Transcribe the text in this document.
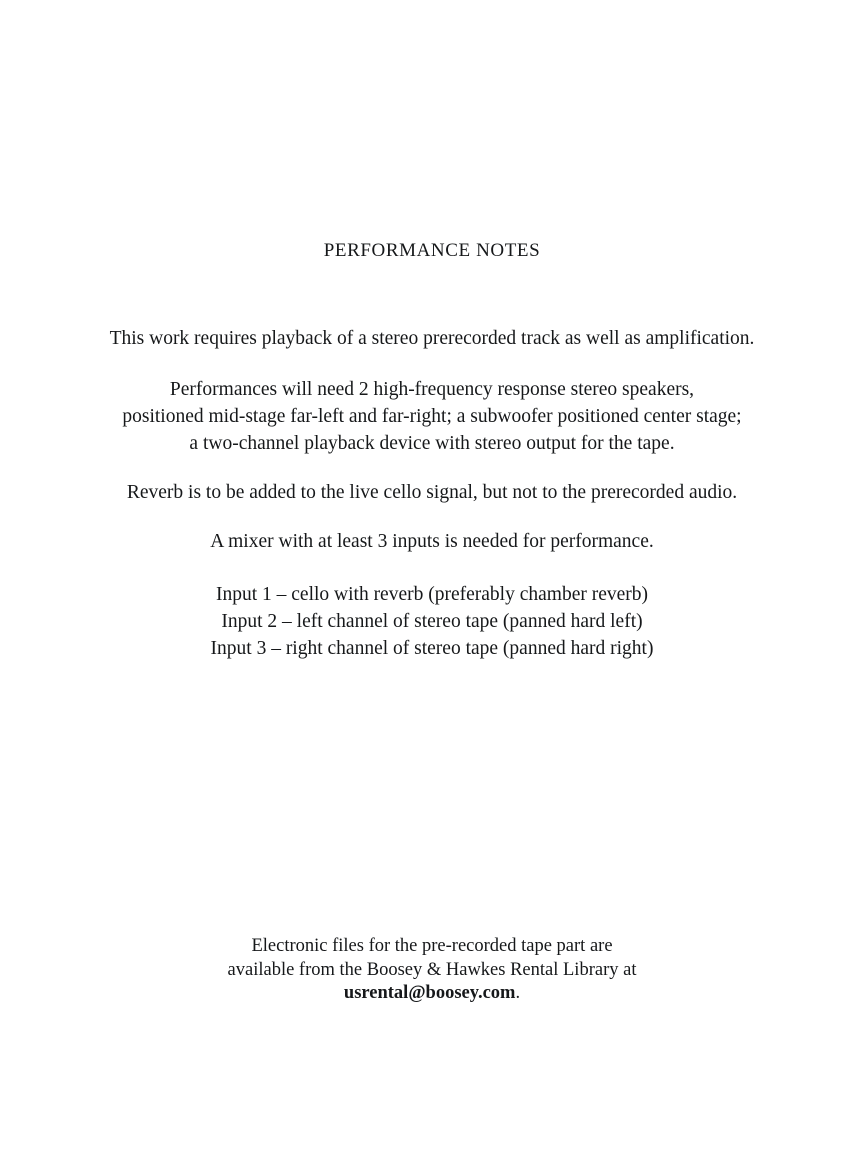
PERFORMANCE NOTES

This work requires playback of a stereo prerecorded track as well as amplification.

Performances will need 2 high-frequency response stereo speakers,
positioned mid-stage far-left and far-right; a subwoofer positioned center stage;
a two-channel playback device with stereo output for the tape.

Reverb is to be added to the live cello signal, but not to the prerecorded audio.

A mixer with at least 3 inputs is needed for performance.

Input 1 – cello with reverb (preferably chamber reverb)
Input 2 – left channel of stereo tape (panned hard left)
Input 3 – right channel of stereo tape (panned hard right)

Electronic files for the pre-recorded tape part are
available from the Boosey & Hawkes Rental Library at
usrental@boosey.com.
